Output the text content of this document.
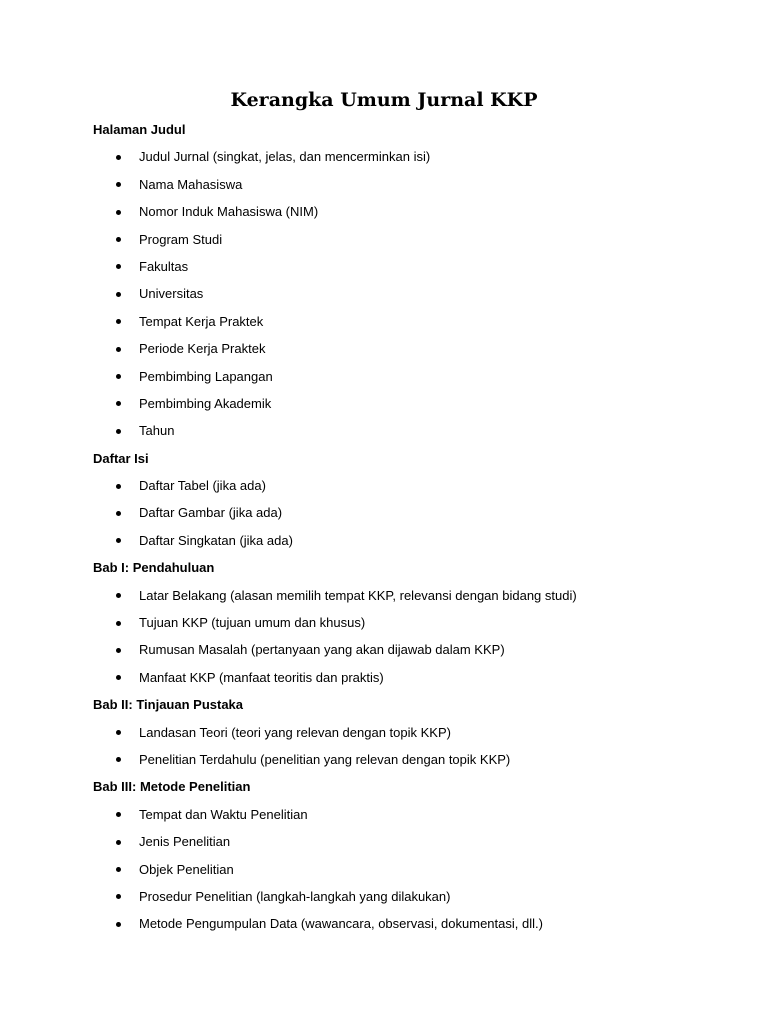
Kerangka Umum Jurnal KKP
Halaman Judul
Judul Jurnal (singkat, jelas, dan mencerminkan isi)
Nama Mahasiswa
Nomor Induk Mahasiswa (NIM)
Program Studi
Fakultas
Universitas
Tempat Kerja Praktek
Periode Kerja Praktek
Pembimbing Lapangan
Pembimbing Akademik
Tahun
Daftar Isi
Daftar Tabel (jika ada)
Daftar Gambar (jika ada)
Daftar Singkatan (jika ada)
Bab I: Pendahuluan
Latar Belakang (alasan memilih tempat KKP, relevansi dengan bidang studi)
Tujuan KKP (tujuan umum dan khusus)
Rumusan Masalah (pertanyaan yang akan dijawab dalam KKP)
Manfaat KKP (manfaat teoritis dan praktis)
Bab II: Tinjauan Pustaka
Landasan Teori (teori yang relevan dengan topik KKP)
Penelitian Terdahulu (penelitian yang relevan dengan topik KKP)
Bab III: Metode Penelitian
Tempat dan Waktu Penelitian
Jenis Penelitian
Objek Penelitian
Prosedur Penelitian (langkah-langkah yang dilakukan)
Metode Pengumpulan Data (wawancara, observasi, dokumentasi, dll.)
